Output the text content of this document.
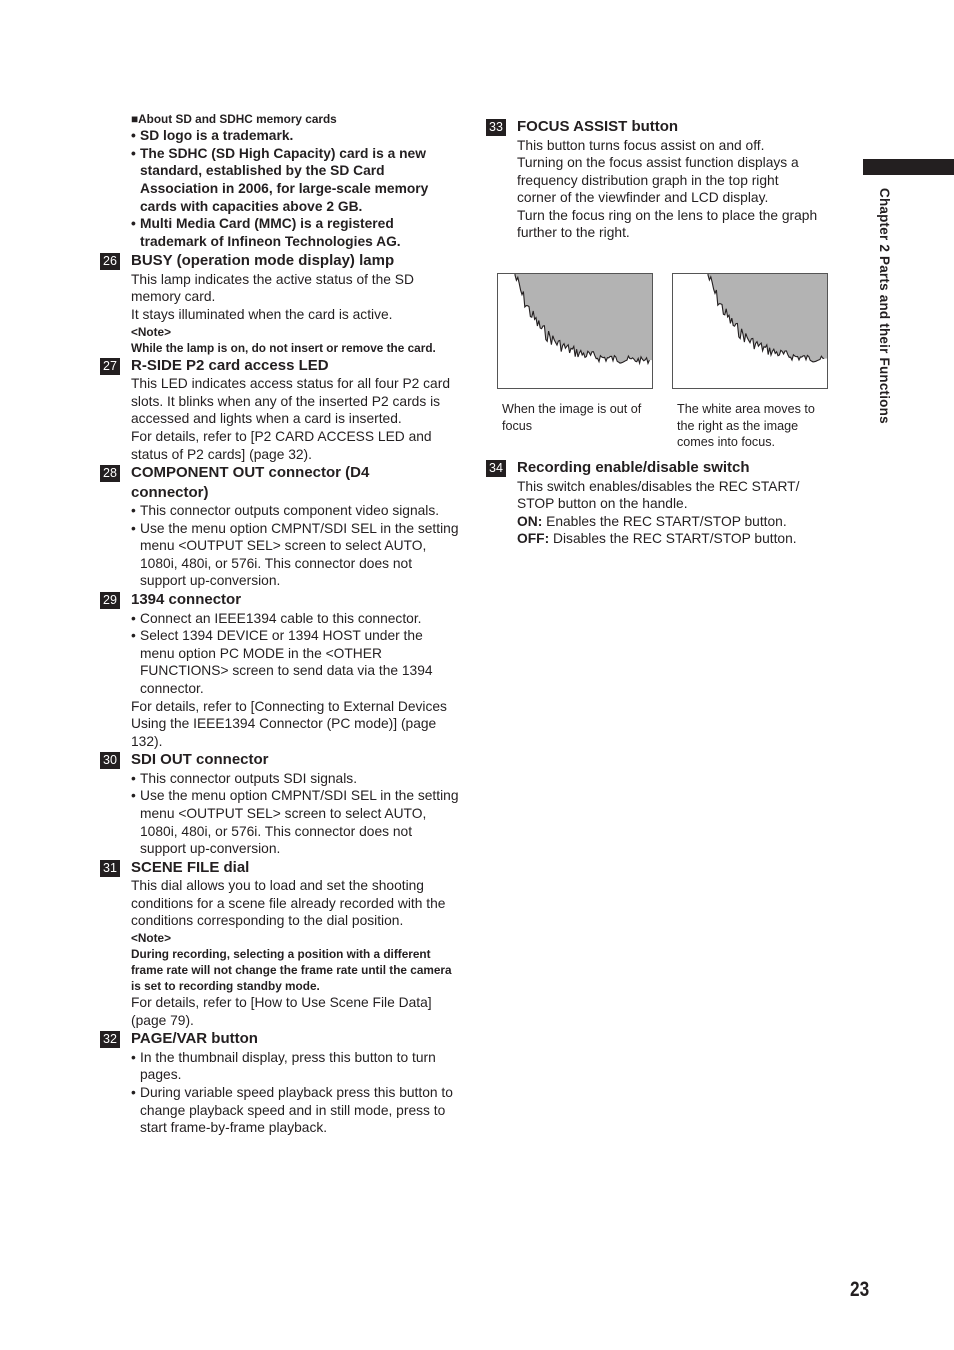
Chapter 2 Parts and their Functions
23
■About SD and SDHC memory cards
• SD logo is a trademark.
• The SDHC (SD High Capacity) card is a new standard, established by the SD Card Association in 2006, for large-scale memory cards with capacities above 2 GB.
• Multi Media Card (MMC) is a registered trademark of Infineon Technologies AG.
26 BUSY (operation mode display) lamp
This lamp indicates the active status of the SD memory card.
It stays illuminated when the card is active.
<Note>
While the lamp is on, do not insert or remove the card.
27 R-SIDE P2 card access LED
This LED indicates access status for all four P2 card slots. It blinks when any of the inserted P2 cards is accessed and lights when a card is inserted.
For details, refer to [P2 CARD ACCESS LED and status of P2 cards] (page 32).
28 COMPONENT OUT connector (D4 connector)
• This connector outputs component video signals.
• Use the menu option CMPNT/SDI SEL in the setting menu <OUTPUT SEL> screen to select AUTO, 1080i, 480i, or 576i. This connector does not support up-conversion.
29 1394 connector
• Connect an IEEE1394 cable to this connector.
• Select 1394 DEVICE or 1394 HOST under the menu option PC MODE in the <OTHER FUNCTIONS> screen to send data via the 1394 connector.
For details, refer to [Connecting to External Devices Using the IEEE1394 Connector (PC mode)] (page 132).
30 SDI OUT connector
• This connector outputs SDI signals.
• Use the menu option CMPNT/SDI SEL in the setting menu <OUTPUT SEL> screen to select AUTO, 1080i, 480i, or 576i. This connector does not support up-conversion.
31 SCENE FILE dial
This dial allows you to load and set the shooting conditions for a scene file already recorded with the conditions corresponding to the dial position.
<Note>
During recording, selecting a position with a different frame rate will not change the frame rate until the camera is set to recording standby mode.
For details, refer to [How to Use Scene File Data] (page 79).
32 PAGE/VAR button
• In the thumbnail display, press this button to turn pages.
• During variable speed playback press this button to change playback speed and in still mode, press to start frame-by-frame playback.
33 FOCUS ASSIST button
This button turns focus assist on and off.
Turning on the focus assist function displays a frequency distribution graph in the top right corner of the viewfinder and LCD display.
Turn the focus ring on the lens to place the graph further to the right.
When the image is out of focus
The white area moves to the right as the image comes into focus.
34 Recording enable/disable switch
This switch enables/disables the REC START/ STOP button on the handle.
ON: Enables the REC START/STOP button.
OFF: Disables the REC START/STOP button.
